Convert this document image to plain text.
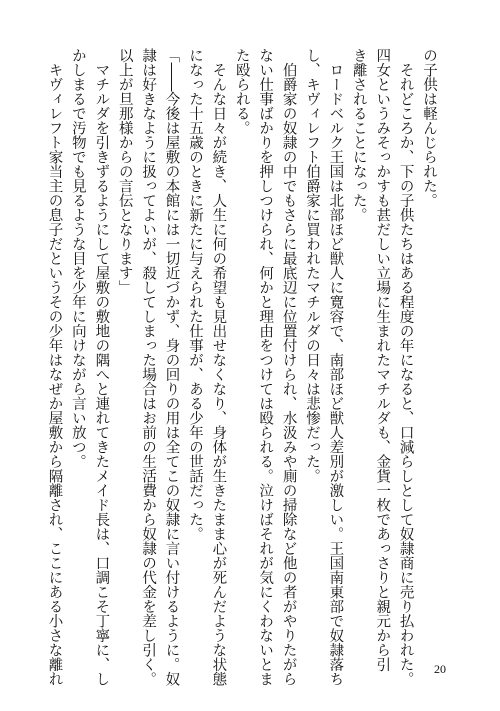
の子供は軽んじられた。

　それどころか、下の子供たちはある程度の年になると、口減らしとして奴隷商に売り払われた。

四女というみそっかすも甚だしい立場に生まれたマチルダも、金貨一枚であっさりと親元から引

き離されることになった。

　ロードベルク王国は北部ほど獣人に寛容で、南部ほど獣人差別が激しい。王国南東部で奴隷落ち

し、キヴィレフト伯爵家に買われたマチルダの日々は悲惨だった。

　伯爵家の奴隷の中でもさらに最底辺に位置付けられ、水汲みや廁の掃除など他の者がやりたがら

ない仕事ばかりを押しつけられ、何かと理由をつけては殴られる。泣けばそれが気にくわないとま

た殴られる。

　そんな日々が続き、人生に何の希望も見出せなくなり、身体が生きたまま心が死んだような状態

になった十五歳のときに新たに与えられた仕事が、ある少年の世話だった。

「――今後は屋敷の本館には一切近づかず、身の回りの用は全てこの奴隷に言い付けるように。奴

隷は好きなように扱ってよいが、殺してしまった場合はお前の生活費から奴隷の代金を差し引く。

以上が旦那様からの言伝となります」

　マチルダを引きずるようにして屋敷の敷地の隅へと連れてきたメイド長は、口調こそ丁寧に、し

かしまるで汚物でも見るような目を少年に向けながら言い放つ。

　キヴィレフト家当主の息子だというその少年はなぜか屋敷から隔離され、ここにある小さな離れ	20
